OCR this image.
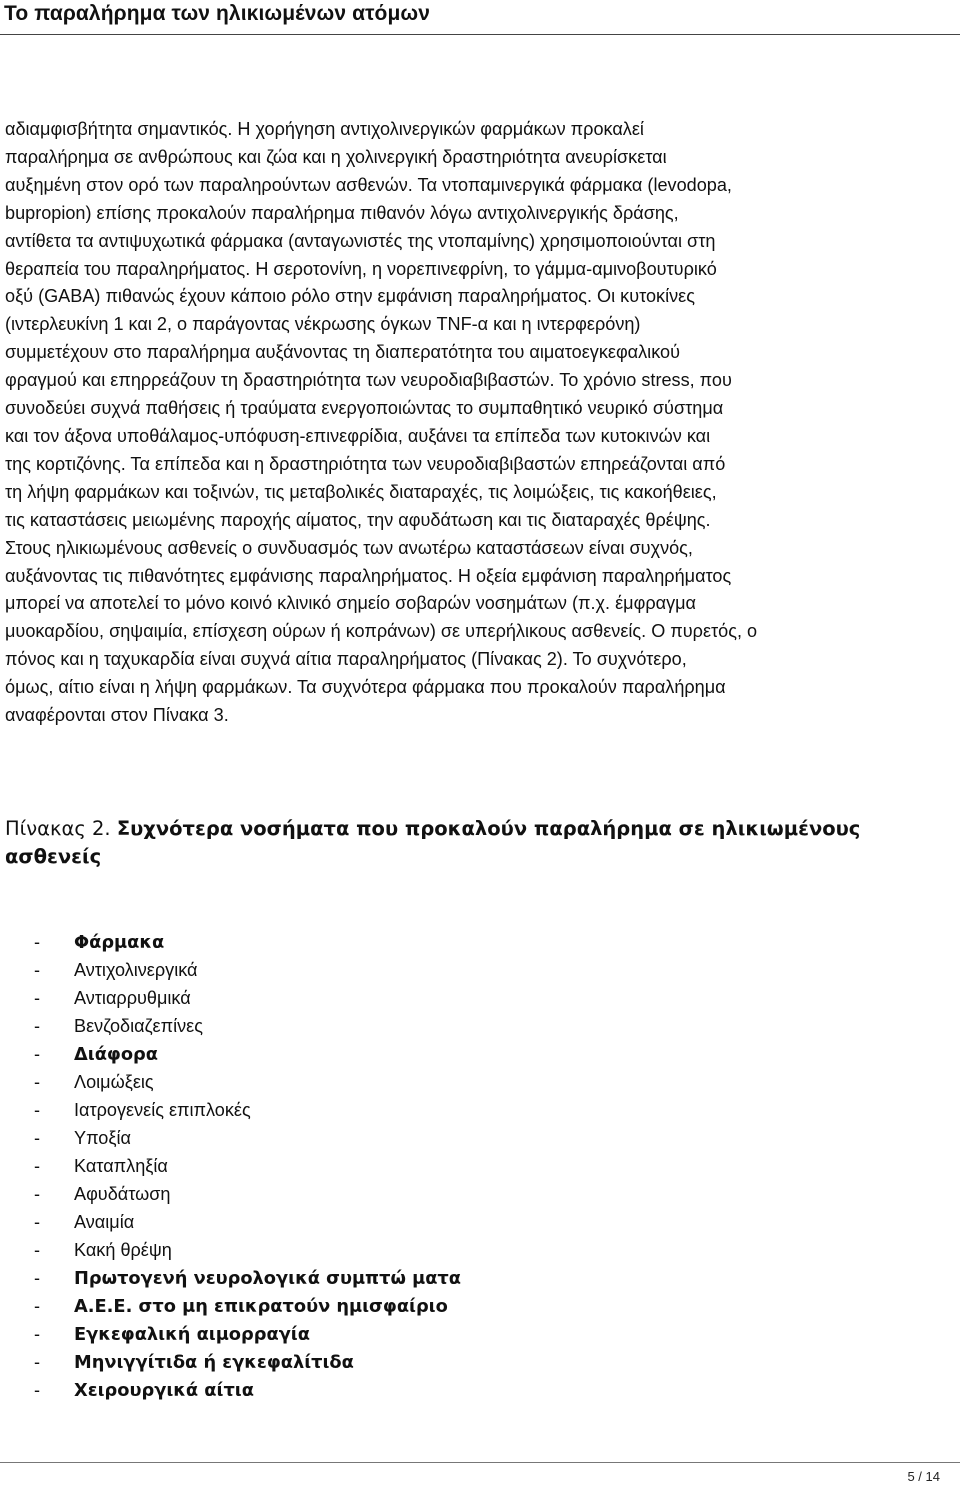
Το παραλήρημα των ηλικιωμένων ατόμων

αδιαμφισβήτητα σημαντικός. Η χορήγηση αντιχολινεργικών φαρμάκων προκαλεί
παραλήρημα σε ανθρώπους και ζώα και η χολινεργική δραστηριότητα ανευρίσκεται
αυξημένη στον ορό των παραληρούντων ασθενών. Τα ντοπαμινεργικά φάρμακα (levodopa,
bupropion) επίσης προκαλούν παραλήρημα πιθανόν λόγω αντιχολινεργικής δράσης,
αντίθετα τα αντιψυχωτικά φάρμακα (ανταγωνιστές της ντοπαμίνης) χρησιμοποιούνται στη
θεραπεία του παραληρήματος. Η σεροτονίνη, η νορεπινεφρίνη, το γάμμα-αμινοβουτυρικό
οξύ (GABA) πιθανώς έχουν κάποιο ρόλο στην εμφάνιση παραληρήματος. Οι κυτοκίνες
(ιντερλευκίνη 1 και 2, ο παράγοντας νέκρωσης όγκων TNF-α και η ιντερφερόνη)
συμμετέχουν στο παραλήρημα αυξάνοντας τη διαπερατότητα του αιματοεγκεφαλικού
φραγμού και επηρρεάζουν τη δραστηριότητα των νευροδιαβιβαστών. Το χρόνιο stress, που
συνοδεύει συχνά παθήσεις ή τραύματα ενεργοποιώντας το συμπαθητικό νευρικό σύστημα
και τον άξονα υποθάλαμος-υπόφυση-επινεφρίδια, αυξάνει τα επίπεδα των κυτοκινών και
της κορτιζόνης. Τα επίπεδα και η δραστηριότητα των νευροδιαβιβαστών επηρεάζονται από
τη λήψη φαρμάκων και τοξινών, τις μεταβολικές διαταραχές, τις λοιμώξεις, τις κακοήθειες,
τις καταστάσεις μειωμένης παροχής αίματος, την αφυδάτωση και τις διαταραχές θρέψης.
Στους ηλικιωμένους ασθενείς ο συνδυασμός των ανωτέρω καταστάσεων είναι συχνός,
αυξάνοντας τις πιθανότητες εμφάνισης παραληρήματος. Η οξεία εμφάνιση παραληρήματος
μπορεί να αποτελεί το μόνο κοινό κλινικό σημείο σοβαρών νοσημάτων (π.χ. έμφραγμα
μυοκαρδίου, σηψαιμία, επίσχεση ούρων ή κοπράνων) σε υπερήλικους ασθενείς. Ο πυρετός, ο
πόνος και η ταχυκαρδία είναι συχνά αίτια παραληρήματος (Πίνακας 2). Το συχνότερο,
όμως, αίτιο είναι η λήψη φαρμάκων. Τα συχνότερα φάρμακα που προκαλούν παραλήρημα
αναφέρονται στον Πίνακα 3.

Πίνακας 2. Συχνότερα νοσήματα που προκαλούν παραλήρημα σε ηλικιωμένους ασθενείς
- Φάρμακα
- Αντιχολινεργικά
- Αντιαρρυθμικά
- Βενζοδιαζεπίνες
- Διάφορα
- Λοιμώξεις
- Ιατρογενείς επιπλοκές
- Υποξία
- Καταπληξία
- Αφυδάτωση
- Αναιμία
- Κακή θρέψη
- Πρωτογενή νευρολογικά συμπτώ ματα
- Α.Ε.Ε. στο μη επικρατούν ημισφαίριο
- Εγκεφαλική αιμορραγία
- Μηνιγγίτιδα ή εγκεφαλίτιδα
- Χειρουργικά αίτια
5 / 14
